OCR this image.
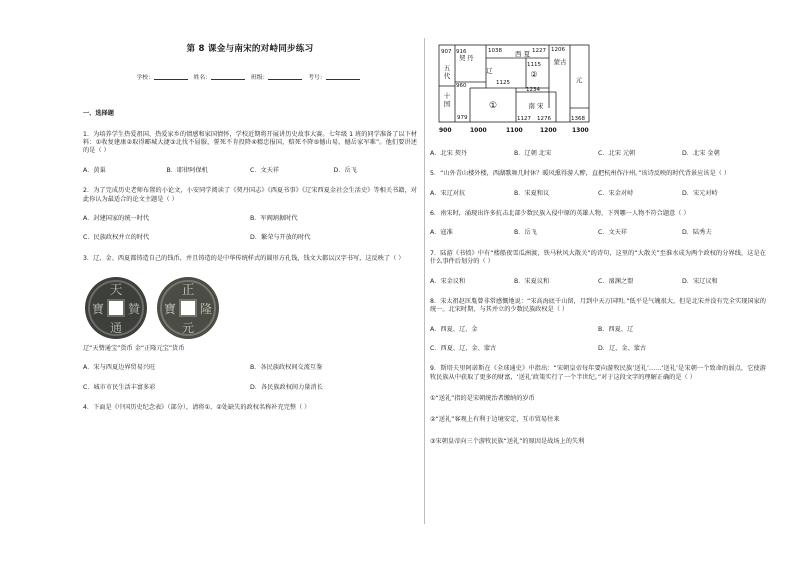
第 8 课金与南宋的对峙同步练习
学校：	姓名：	班级：	考号：
一、选择题
1．为培养学生热爱祖国、热爱家乡的情感和家国情怀，学校近期将开展讲历史故事大赛。七年级 1 班的同学准备了以下材料：①收复建康②取得郾城大捷③北伐不屈服，誓死不肯投降④精忠报国，赔死不降⑤撼山易，撼岳家军难”。他们要讲述的是（ ）
A．黄巢	B．耶律阿保机	C．文天祥	D．岳飞
2．为了完成历史老师布置的小论文，小安同学阅读了《契丹国志》《西夏书事》《辽宋西夏金社会生活史》等相关书籍，对此你认为最适合的论文主题是（ ）
A．封建国家的统一时代	B．军阀割据时代
C．民族政权并立的时代	D．繁荣与开放的时代
3．辽、金、西夏都铸造自己的钱币，并且铸造的是中华传统样式的圆形方孔钱，钱文大都以汉字书写，这反映了（ ）
天
贊
寶
通
正
隆
元
寶
辽“天赞通宝”货币 金“正隆元宝”货币
A．宋与西夏边界贸易兴旺	B．各民族政权间交流互鉴
C．城市市民生活丰富多彩	D．各民族政权间力量消长
4．下面是《中国历史纪念表》（部分），请将①、②处缺失的政权名称补充完整（ ）
五
代
十
国
契 丹
辽
西 夏
蒙古
元
南 宋
①
②
907 916
960
979
1038	1227 1206
1115
1125
1234
1127 1276	1368
900	1000	1100	1200	1300
A．北宋 契丹	B．辽朝 北宋	C．北宋 元朝	D．北宋 金朝
5．“山外青山楼外楼，西湖歌舞几时休？暖风熏得游人醉，直把杭州作汴州。”该诗反映的时代背景应该是（ ）
A．宋辽对抗	B．宋夏和议	C．宋金对峙	D．宋元对峙
6．南宋时，涌现出许多抗击北部少数民族入侵中原的英雄人物，下列哪一人物不符合题意（ ）
A．寇准	B．岳飞	C．文天祥	D．陆秀夫
7．陆游《书愤》中有“楼船夜雪瓜洲渡，铁马秋风大散关”的诗句，这里的“大散关”至淮水成为两个政权的分界线，这是在什么事件后划分的（ ）
A．宋金议和	B．宋夏议和	C．澶渊之盟	D．宋辽议和
8．宋太祖赵匡胤曾非常感慨地说：“宋高海底千山留，月到中天万国明。”低平是气魄很大，但是北宋并没有完全实现国家的统一。北宋时期，与其并立的少数民族政权是（ ）
A．西夏、辽、金	B．西夏、辽
C．西夏、辽、金、蒙古	D．辽、金、蒙古
9．斯塔夫里阿诺斯在《全球通史》中指出：“宋朝皇帝每年要向游牧民族‘送礼’……‘送礼’是宋朝一个致命的弱点，它使游牧民族从中获取了更多的财富，‘送礼’政策实行了一个半世纪。”对于这段文字的理解正确的是（ ）
①“送礼”指的是宋朝统治者缴纳的岁币
②“送礼”客观上有利于边境安定，互市贸易往来
③宋朝皇帝向三个游牧民族“送礼”的原因是战场上的失利
